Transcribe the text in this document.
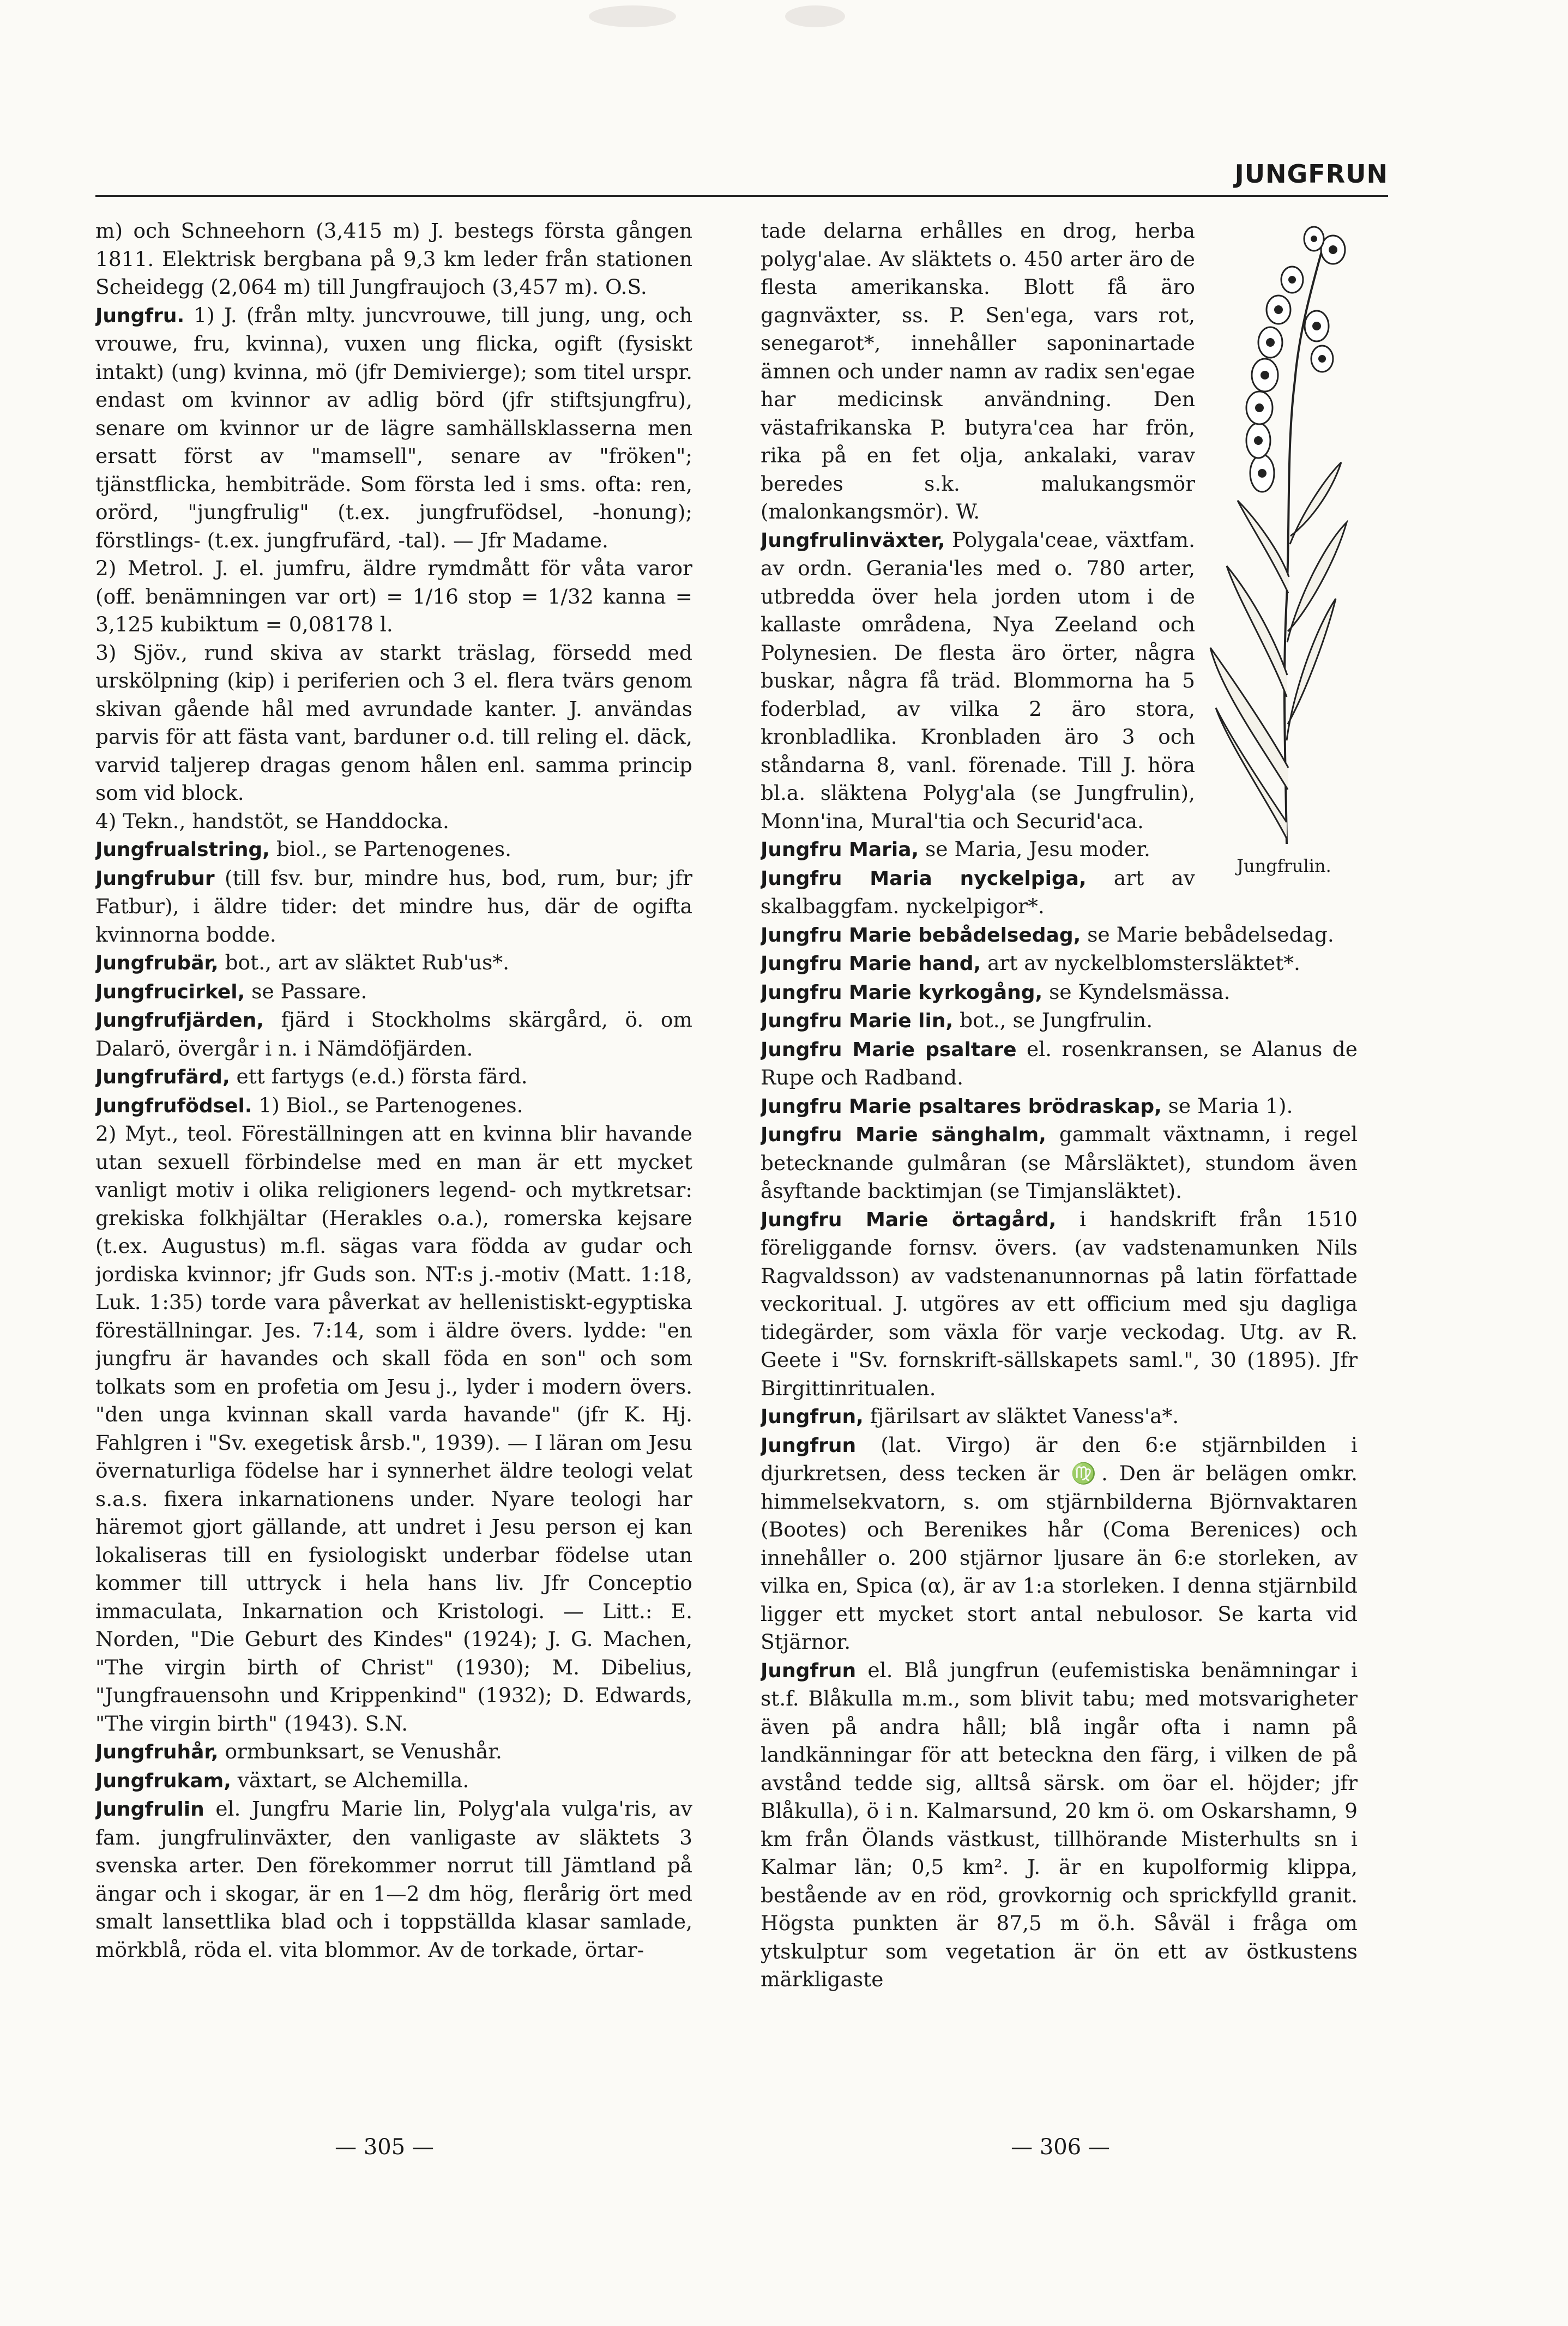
JUNGFRUN

m) och Schneehorn (3,415 m) J. bestegs första gången 1811. Elektrisk bergbana på 9,3 km leder från stationen Scheidegg (2,064 m) till Jungfraujoch (3,457 m). O.S.

Jungfru. 1) J. (från mlty. juncvrouwe, till jung, ung, och vrouwe, fru, kvinna), vuxen ung flicka, ogift (fysiskt intakt) (ung) kvinna, mö (jfr Demivierge); som titel urspr. endast om kvinnor av adlig börd (jfr stiftsjungfru), senare om kvinnor ur de lägre samhällsklasserna men ersatt först av "mamsell", senare av "fröken"; tjänstflicka, hembiträde. Som första led i sms. ofta: ren, orörd, "jungfrulig" (t.ex. jungfrufödsel, -honung); förstlings- (t.ex. jungfrufärd, -tal). — Jfr Madame.

2) Metrol. J. el. jumfru, äldre rymdmått för våta varor (off. benämningen var ort) = 1/16 stop = 1/32 kanna = 3,125 kubiktum = 0,08178 l.

3) Sjöv., rund skiva av starkt träslag, försedd med urskölpning (kip) i periferien och 3 el. flera tvärs genom skivan gående hål med avrundade kanter. J. användas parvis för att fästa vant, barduner o.d. till reling el. däck, varvid taljerep dragas genom hålen enl. samma princip som vid block.

4) Tekn., handstöt, se Handdocka.

Jungfrualstring, biol., se Partenogenes.

Jungfrubur (till fsv. bur, mindre hus, bod, rum, bur; jfr Fatbur), i äldre tider: det mindre hus, där de ogifta kvinnorna bodde.

Jungfrubär, bot., art av släktet Rub'us*.

Jungfrucirkel, se Passare.

Jungfrufjärden, fjärd i Stockholms skärgård, ö. om Dalarö, övergår i n. i Nämdöfjärden.

Jungfrufärd, ett fartygs (e.d.) första färd.

Jungfrufödsel. 1) Biol., se Partenogenes.

2) Myt., teol. Föreställningen att en kvinna blir havande utan sexuell förbindelse med en man är ett mycket vanligt motiv i olika religioners legend- och mytkretsar: grekiska folkhjältar (Herakles o.a.), romerska kejsare (t.ex. Augustus) m.fl. sägas vara födda av gudar och jordiska kvinnor; jfr Guds son. NT:s j.-motiv (Matt. 1:18, Luk. 1:35) torde vara påverkat av hellenistiskt-egyptiska föreställningar. Jes. 7:14, som i äldre övers. lydde: "en jungfru är havandes och skall föda en son" och som tolkats som en profetia om Jesu j., lyder i modern övers. "den unga kvinnan skall varda havande" (jfr K. Hj. Fahlgren i "Sv. exegetisk årsb.", 1939). — I läran om Jesu övernaturliga födelse har i synnerhet äldre teologi velat s.a.s. fixera inkarnationens under. Nyare teologi har häremot gjort gällande, att undret i Jesu person ej kan lokaliseras till en fysiologiskt underbar födelse utan kommer till uttryck i hela hans liv. Jfr Conceptio immaculata, Inkarnation och Kristologi. — Litt.: E. Norden, "Die Geburt des Kindes" (1924); J. G. Machen, "The virgin birth of Christ" (1930); M. Dibelius, "Jungfrauensohn und Krippenkind" (1932); D. Edwards, "The virgin birth" (1943). S.N.

Jungfruhår, ormbunksart, se Venushår.

Jungfrukam, växtart, se Alchemilla.

Jungfrulin el. Jungfru Marie lin, Polyg'ala vulga'ris, av fam. jungfrulinväxter, den vanligaste av släktets 3 svenska arter. Den förekommer norrut till Jämtland på ängar och i skogar, är en 1—2 dm hög, flerårig ört med smalt lansettlika blad och i toppställda klasar samlade, mörkblå, röda el. vita blommor. Av de torkade, örtar-

Jungfrulin.

tade delarna erhålles en drog, herba polyg'alae. Av släktets o. 450 arter äro de flesta amerikanska. Blott få äro gagnväxter, ss. P. Sen'ega, vars rot, senegarot*, innehåller saponinartade ämnen och under namn av radix sen'egae har medicinsk användning. Den västafrikanska P. butyra'cea har frön, rika på en fet olja, ankalaki, varav beredes s.k. malukangsmör (malonkangsmör). W.

Jungfrulinväxter, Polygala'ceae, växtfam. av ordn. Gerania'les med o. 780 arter, utbredda över hela jorden utom i de kallaste områdena, Nya Zeeland och Polynesien. De flesta äro örter, några buskar, några få träd. Blommorna ha 5 foderblad, av vilka 2 äro stora, kronbladlika. Kronbladen äro 3 och ståndarna 8, vanl. förenade. Till J. höra bl.a. släktena Polyg'ala (se Jungfrulin), Monn'ina, Mural'tia och Securid'aca.

Jungfru Maria, se Maria, Jesu moder.

Jungfru Maria nyckelpiga, art av skalbaggfam. nyckelpigor*.

Jungfru Marie bebådelsedag, se Marie bebådelsedag.

Jungfru Marie hand, art av nyckelblomstersläktet*.

Jungfru Marie kyrkogång, se Kyndelsmässa.

Jungfru Marie lin, bot., se Jungfrulin.

Jungfru Marie psaltare el. rosenkransen, se Alanus de Rupe och Radband.

Jungfru Marie psaltares brödraskap, se Maria 1).

Jungfru Marie sänghalm, gammalt växtnamn, i regel betecknande gulmåran (se Mårsläktet), stundom även åsyftande backtimjan (se Timjansläktet).

Jungfru Marie örtagård, i handskrift från 1510 föreliggande fornsv. övers. (av vadstenamunken Nils Ragvaldsson) av vadstenanunnornas på latin författade veckoritual. J. utgöres av ett officium med sju dagliga tidegärder, som växla för varje veckodag. Utg. av R. Geete i "Sv. fornskrift-sällskapets saml.", 30 (1895). Jfr Birgittinritualen.

Jungfrun, fjärilsart av släktet Vaness'a*.

Jungfrun (lat. Virgo) är den 6:e stjärnbilden i djurkretsen, dess tecken är ♍. Den är belägen omkr. himmelsekvatorn, s. om stjärnbilderna Björnvaktaren (Bootes) och Berenikes hår (Coma Berenices) och innehåller o. 200 stjärnor ljusare än 6:e storleken, av vilka en, Spica (α), är av 1:a storleken. I denna stjärnbild ligger ett mycket stort antal nebulosor. Se karta vid Stjärnor.

Jungfrun el. Blå jungfrun (eufemistiska benämningar i st.f. Blåkulla m.m., som blivit tabu; med motsvarigheter även på andra håll; blå ingår ofta i namn på landkänningar för att beteckna den färg, i vilken de på avstånd tedde sig, alltså särsk. om öar el. höjder; jfr Blåkulla), ö i n. Kalmarsund, 20 km ö. om Oskarshamn, 9 km från Ölands västkust, tillhörande Misterhults sn i Kalmar län; 0,5 km². J. är en kupolformig klippa, bestående av en röd, grovkornig och sprickfylld granit. Högsta punkten är 87,5 m ö.h. Såväl i fråga om ytskulptur som vegetation är ön ett av östkustens märkligaste

— 305 —	— 306 —
